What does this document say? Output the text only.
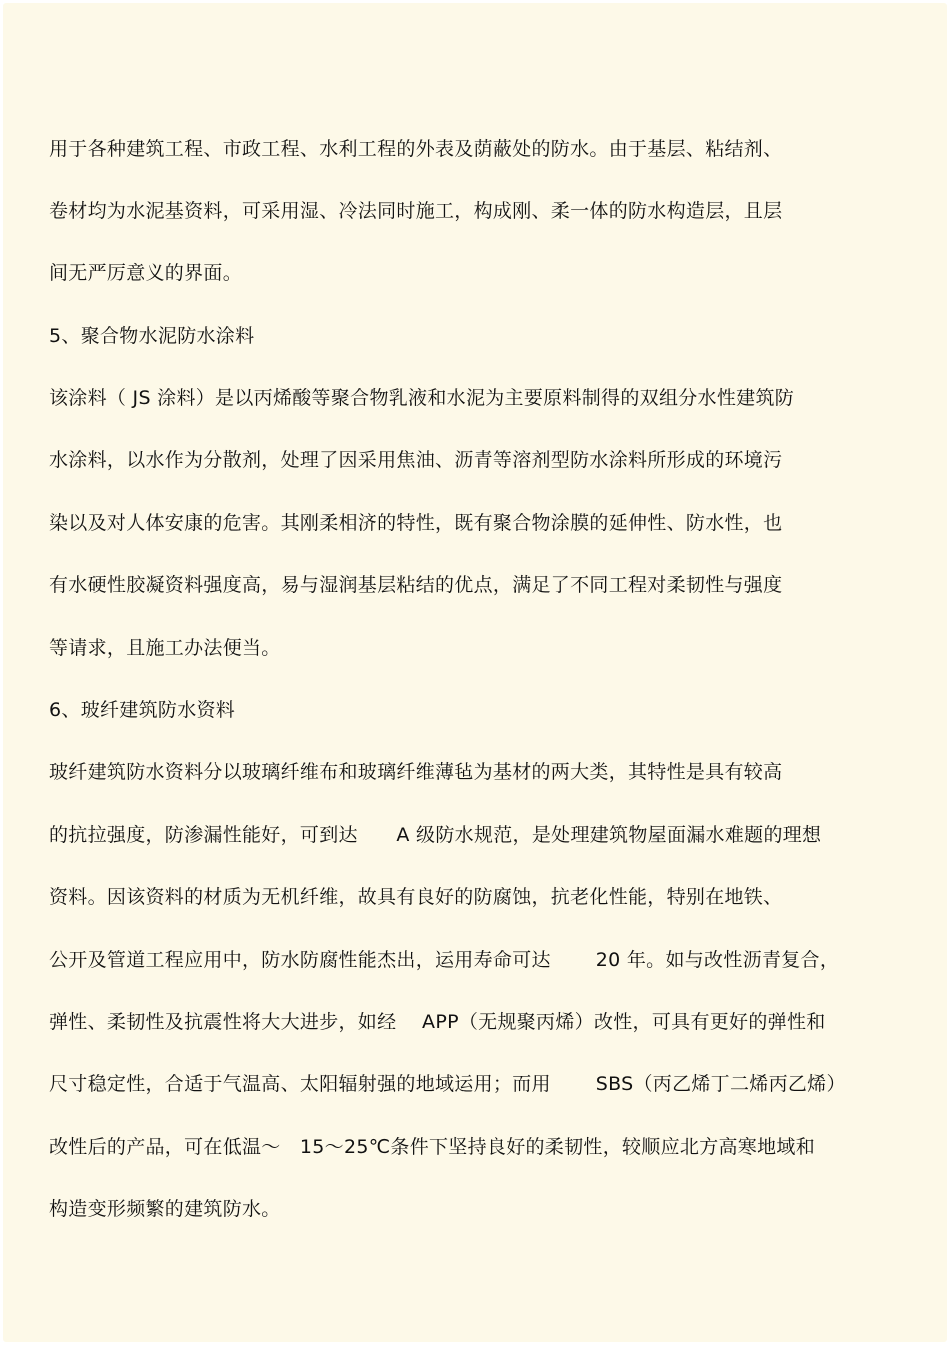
用于各种建筑工程、市政工程、水利工程的外表及荫蔽处的防水。由于基层、粘结剂、
卷材均为水泥基资料，可采用湿、冷法同时施工，构成刚、柔一体的防水构造层，且层
间无严厉意义的界面。
5、聚合物水泥防水涂料
该涂料（ JS 涂料）是以丙烯酸等聚合物乳液和水泥为主要原料制得的双组分水性建筑防
水涂料，以水作为分散剂，处理了因采用焦油、沥青等溶剂型防水涂料所形成的环境污
染以及对人体安康的危害。其刚柔相济的特性，既有聚合物涂膜的延伸性、防水性，也
有水硬性胶凝资料强度高，易与湿润基层粘结的优点，满足了不同工程对柔韧性与强度
等请求，且施工办法便当。
6、玻纤建筑防水资料
玻纤建筑防水资料分以玻璃纤维布和玻璃纤维薄毡为基材的两大类，其特性是具有较高
的抗拉强度，防渗漏性能好，可到达　　A 级防水规范，是处理建筑物屋面漏水难题的理想
资料。因该资料的材质为无机纤维，故具有良好的防腐蚀，抗老化性能，特别在地铁、
公开及管道工程应用中，防水防腐性能杰出，运用寿命可达　　 20 年。如与改性沥青复合，
弹性、柔韧性及抗震性将大大进步，如经　 APP（无规聚丙烯）改性，可具有更好的弹性和
尺寸稳定性，合适于气温高、太阳辐射强的地域运用；而用　　 SBS（丙乙烯丁二烯丙乙烯）
改性后的产品，可在低温～　15～25℃条件下坚持良好的柔韧性，较顺应北方高寒地域和
构造变形频繁的建筑防水。
